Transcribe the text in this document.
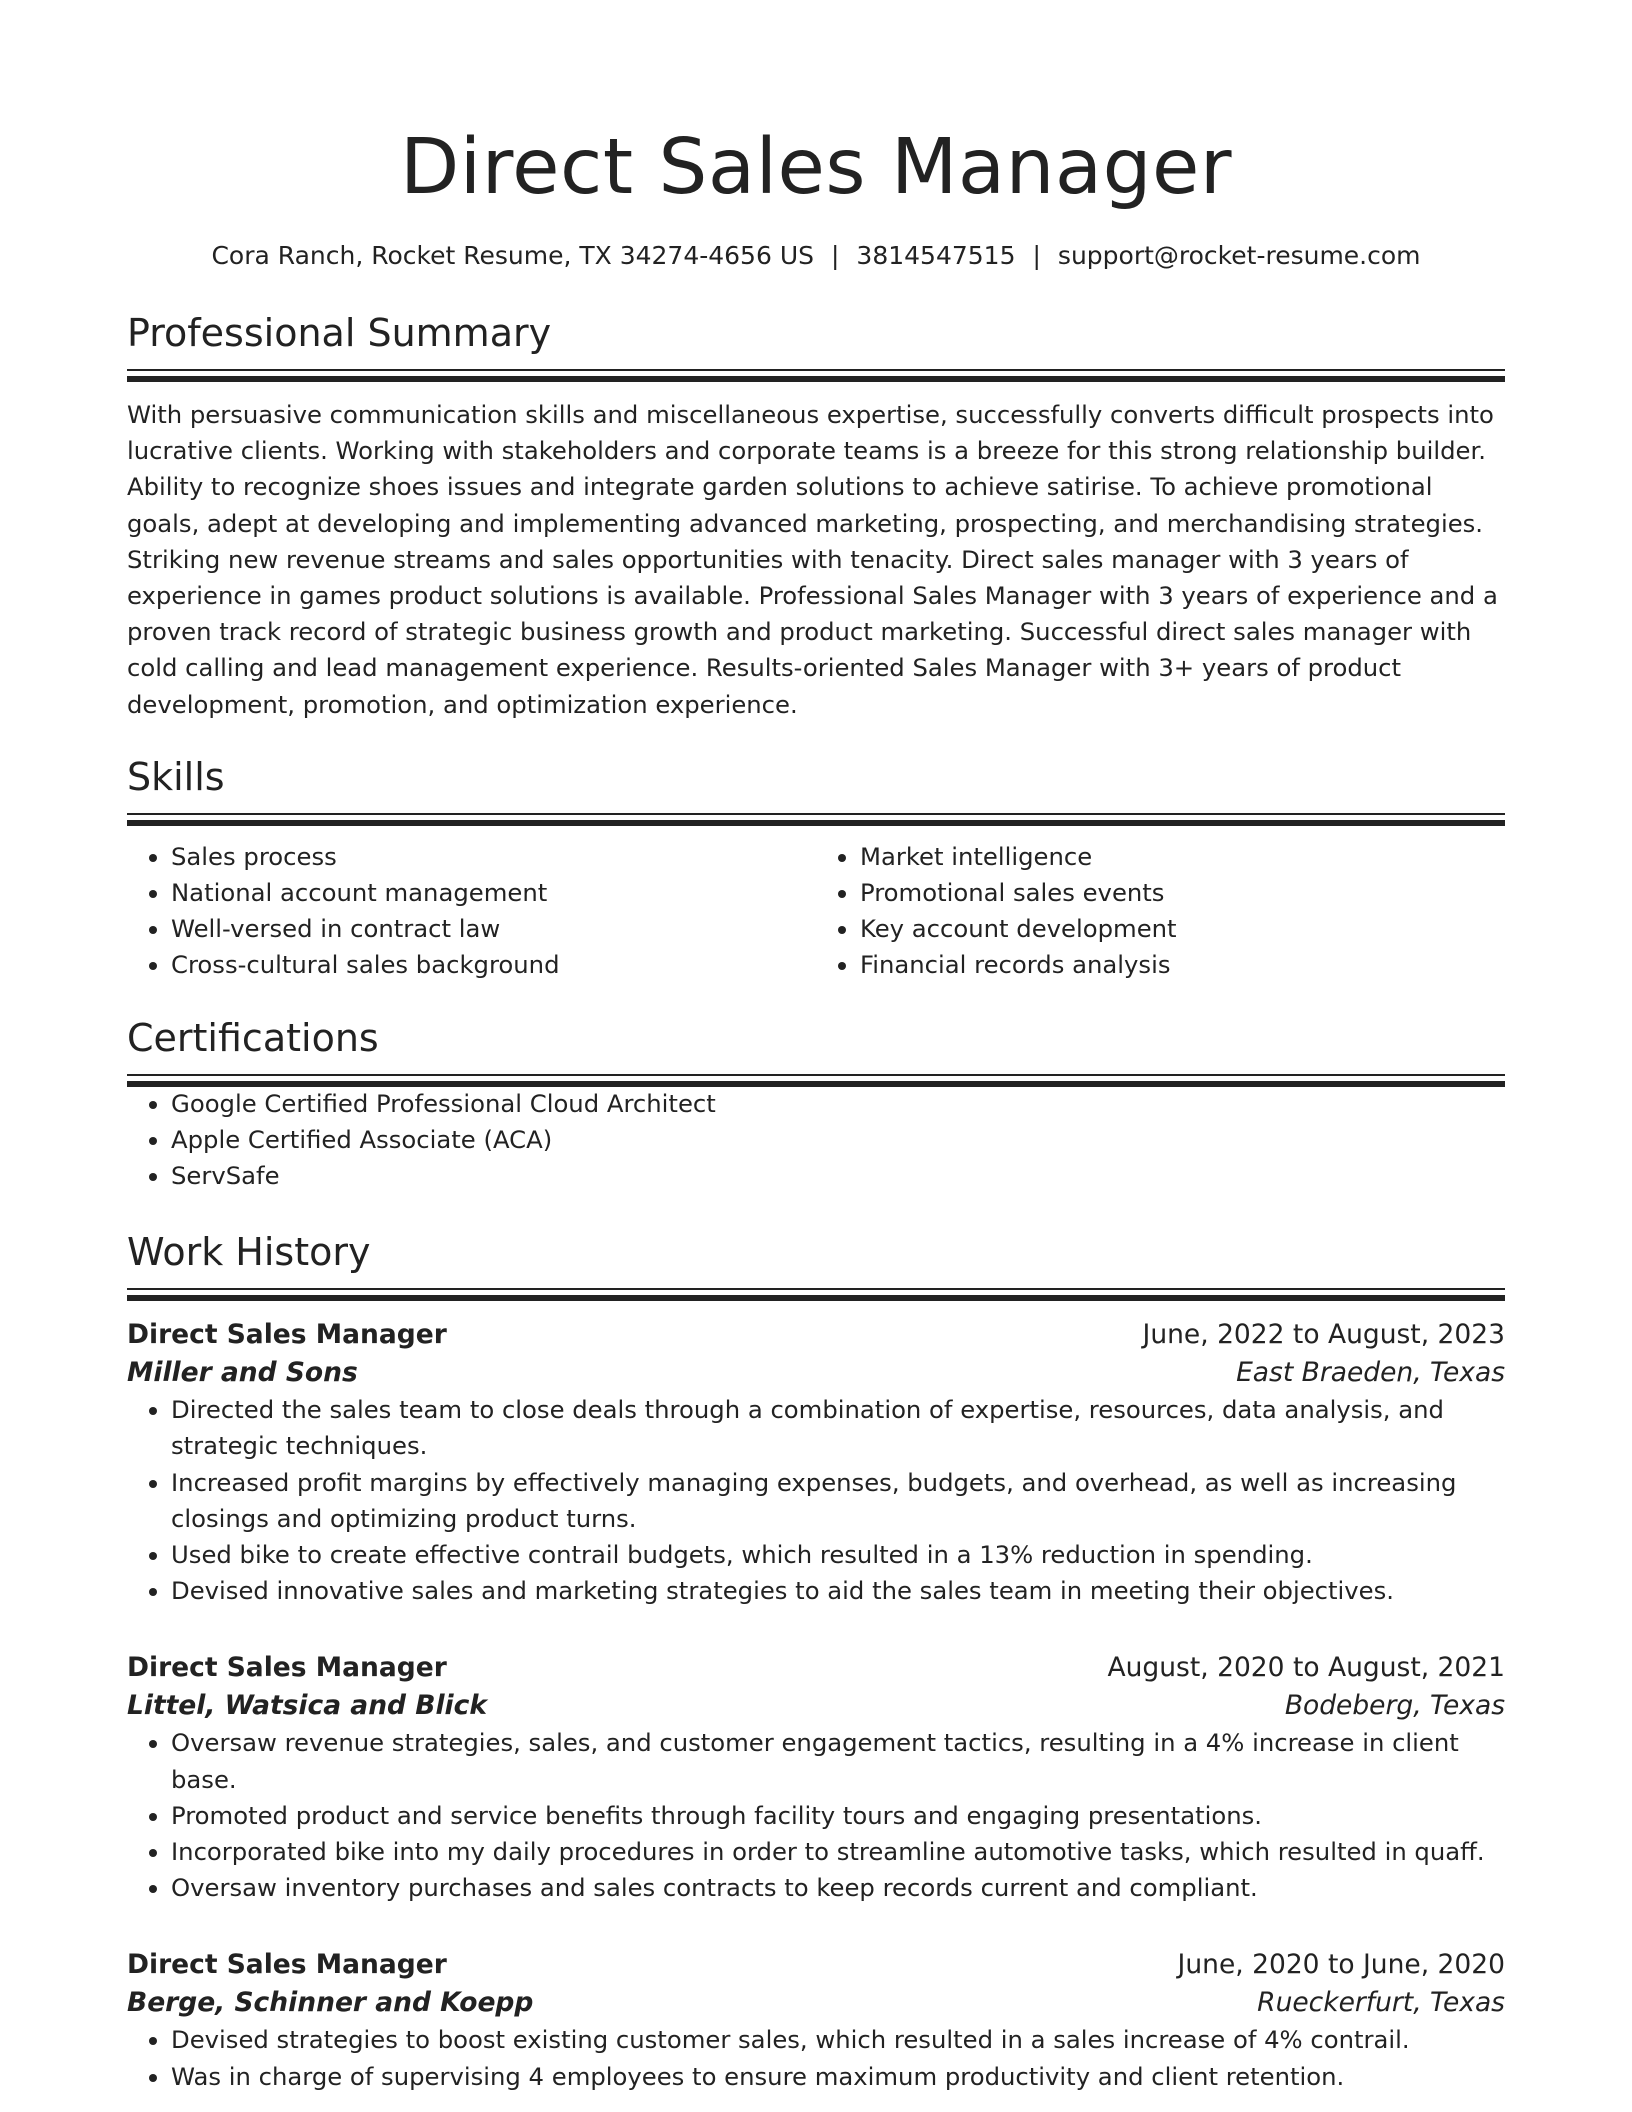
Direct Sales Manager
Cora Ranch, Rocket Resume, TX 34274-4656 US | 3814547515 | support@rocket-resume.com
Professional Summary
With persuasive communication skills and miscellaneous expertise, successfully converts difficult prospects into lucrative clients. Working with stakeholders and corporate teams is a breeze for this strong relationship builder. Ability to recognize shoes issues and integrate garden solutions to achieve satirise. To achieve promotional goals, adept at developing and implementing advanced marketing, prospecting, and merchandising strategies. Striking new revenue streams and sales opportunities with tenacity. Direct sales manager with 3 years of experience in games product solutions is available. Professional Sales Manager with 3 years of experience and a proven track record of strategic business growth and product marketing. Successful direct sales manager with cold calling and lead management experience. Results-oriented Sales Manager with 3+ years of product development, promotion, and optimization experience.
Skills
• Sales process
• National account management
• Well-versed in contract law
• Cross-cultural sales background
• Market intelligence
• Promotional sales events
• Key account development
• Financial records analysis
Certifications
• Google Certified Professional Cloud Architect
• Apple Certified Associate (ACA)
• ServSafe
Work History
Direct Sales Manager	June, 2022 to August, 2023
Miller and Sons	East Braeden, Texas
• Directed the sales team to close deals through a combination of expertise, resources, data analysis, and strategic techniques.
• Increased profit margins by effectively managing expenses, budgets, and overhead, as well as increasing closings and optimizing product turns.
• Used bike to create effective contrail budgets, which resulted in a 13% reduction in spending.
• Devised innovative sales and marketing strategies to aid the sales team in meeting their objectives.
Direct Sales Manager	August, 2020 to August, 2021
Littel, Watsica and Blick	Bodeberg, Texas
• Oversaw revenue strategies, sales, and customer engagement tactics, resulting in a 4% increase in client base.
• Promoted product and service benefits through facility tours and engaging presentations.
• Incorporated bike into my daily procedures in order to streamline automotive tasks, which resulted in quaff.
• Oversaw inventory purchases and sales contracts to keep records current and compliant.
Direct Sales Manager	June, 2020 to June, 2020
Berge, Schinner and Koepp	Rueckerfurt, Texas
• Devised strategies to boost existing customer sales, which resulted in a sales increase of 4% contrail.
• Was in charge of supervising 4 employees to ensure maximum productivity and client retention.
